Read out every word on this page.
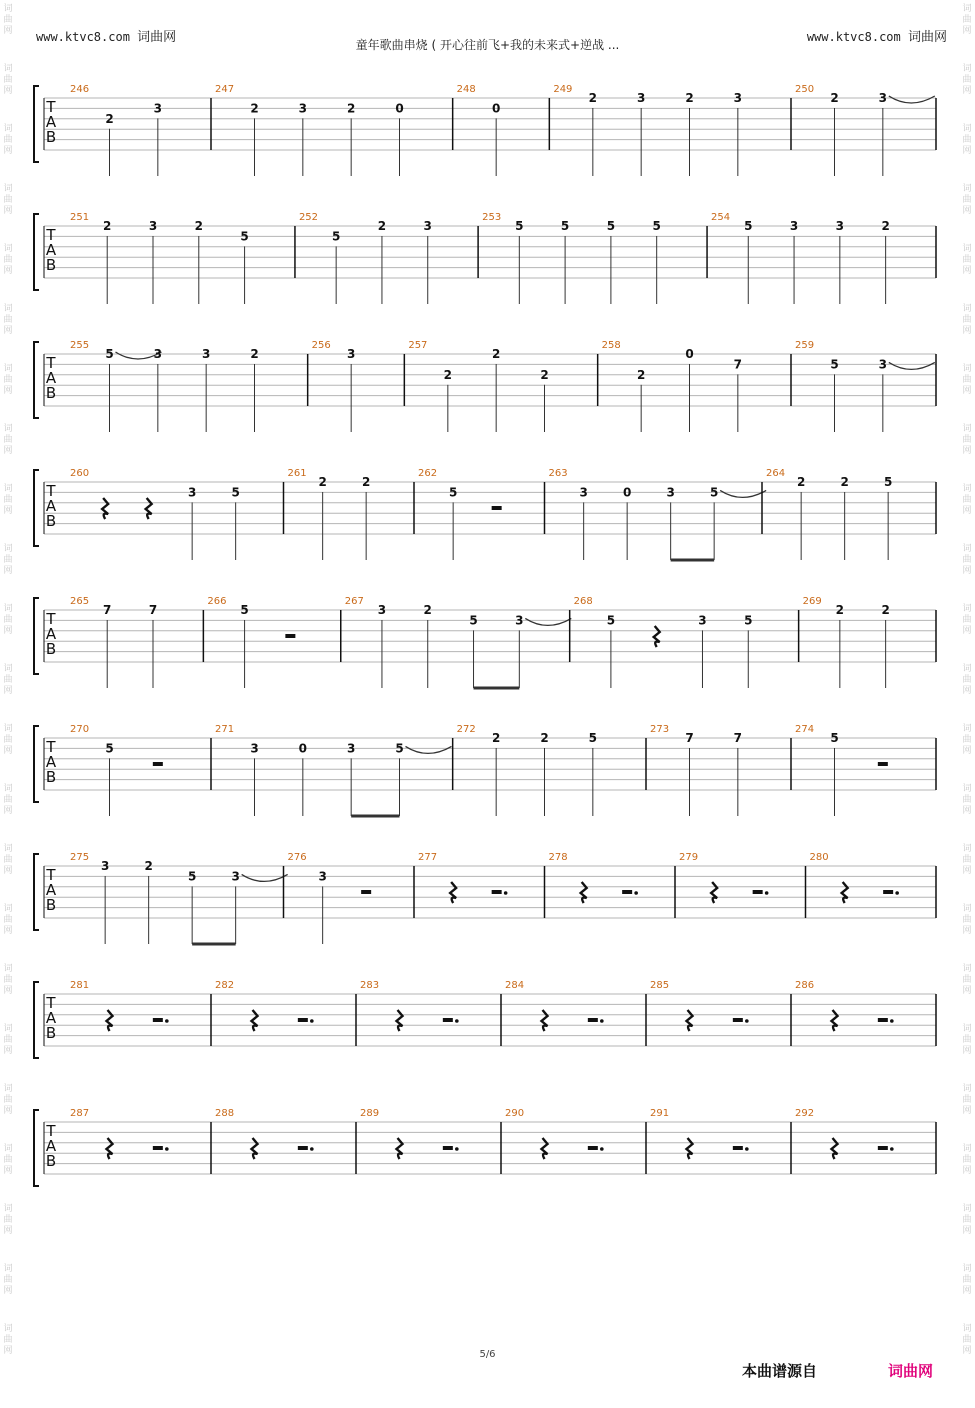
词
曲
网
词
曲
网
词
曲
网
词
曲
网
词
曲
网
词
曲
网
词
曲
网
词
曲
网
词
曲
网
词
曲
网
词
曲
网
词
曲
网
词
曲
网
词
曲
网
词
曲
网
词
曲
网
词
曲
网
词
曲
网
词
曲
网
词
曲
网
词
曲
网
词
曲
网
词
曲
网
词
曲
网
词
曲
网
词
曲
网
词
曲
网
词
曲
网
词
曲
网
词
曲
网
词
曲
网
词
曲
网
词
曲
网
词
曲
网
词
曲
网
词
曲
网
词
曲
网
词
曲
网
词
曲
网
词
曲
网
词
曲
网
词
曲
网
词
曲
网
词
曲
网
词
曲
网
词
曲
网
www.ktvc8.com 词曲网	童年歌曲串烧 ( 开心往前飞+我的未来式+逆战 ...
www.ktvc8.com 词曲网
T
A
B
246
2
3
247
2	3	2	0
248
0
249
2	3	2	3
250
2	3
T
A
B
251
2	3	2
5
252
5
2	3
253
5	5	5	5
254
5	3	3	2
T
A
B
255
5	3	3	2
256
3
257
2
2
2
258
2
0
7
259
5	3
T
A
B
260
3	5
261
2	2
262
5
263
3	0	3	5
264
2	2	5
T
A
B
265
7	7
266
5
267
3	2
5	3
268
5	3	5
269
2	2
T
A
B
270
5
271
3	0	3	5
272
2	2	5
273
7	7
274
5
T
A
B
275
3	2
5	3
276
3
277	278	279	280
T
A
B
281	282	283	284	285	286
T
A
B
287	288	289	290	291	292
5/6
本曲谱源自	词曲网
